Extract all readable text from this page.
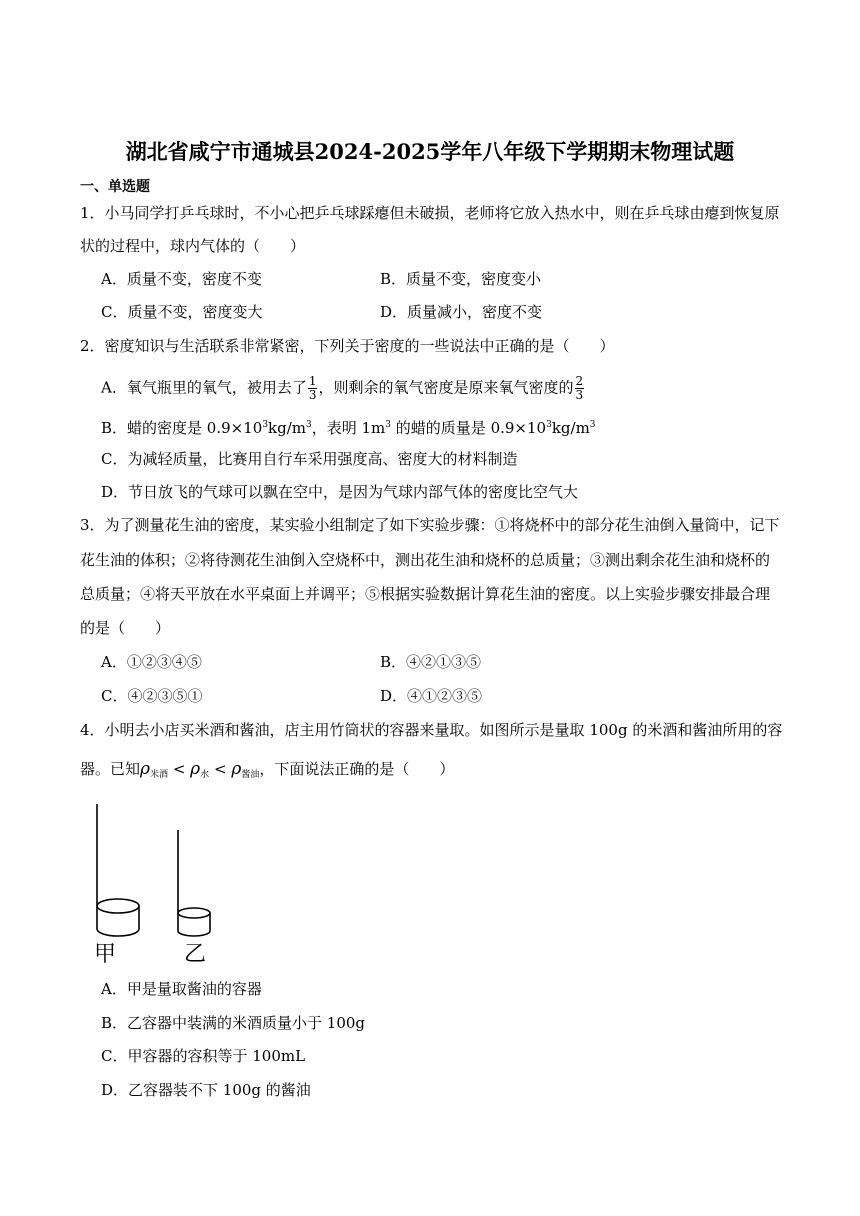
湖北省咸宁市通城县2024-2025学年八年级下学期期末物理试题
一、单选题
1．小马同学打乒乓球时，不小心把乒乓球踩瘪但未破损，老师将它放入热水中，则在乒乓球由瘪到恢复原
状的过程中，球内气体的（　　）
A．质量不变，密度不变	B．质量不变，密度变小
C．质量不变，密度变大	D．质量减小，密度不变
2．密度知识与生活联系非常紧密，下列关于密度的一些说法中正确的是（　　）
A．氧气瓶里的氧气，被用去了 $\frac{1}{3}$ ，则剩余的氧气密度是原来氧气密度的 $\frac{2}{3}$
B．蜡的密度是 $0.9\times 10^3kg/m^3$，表明 $1m^3$ 的蜡的质量是 $0.9\times 10^3kg/m^3$
C．为减轻质量，比赛用自行车采用强度高、密度大的材料制造
D．节日放飞的气球可以飘在空中，是因为气球内部气体的密度比空气大
3．为了测量花生油的密度，某实验小组制定了如下实验步骤：①将烧杯中的部分花生油倒入量筒中，记下
花生油的体积；②将待测花生油倒入空烧杯中，测出花生油和烧杯的总质量；③测出剩余花生油和烧杯的
总质量；④将天平放在水平桌面上并调平；⑤根据实验数据计算花生油的密度。以上实验步骤安排最合理
的是（　　）
A．①②③④⑤	B．④②①③⑤
C．④②③⑤①	D．④①②③⑤
4．小明去小店买米酒和酱油，店主用竹筒状的容器来量取。如图所示是量取 100g 的米酒和酱油所用的容
器。已知$\rho_{米酒} < \rho_水 < \rho_{酱油}$，下面说法正确的是（　　）
甲	乙
A．甲是量取酱油的容器
B．乙容器中装满的米酒质量小于 100g
C．甲容器的容积等于 100mL
D．乙容器装不下 100g 的酱油
